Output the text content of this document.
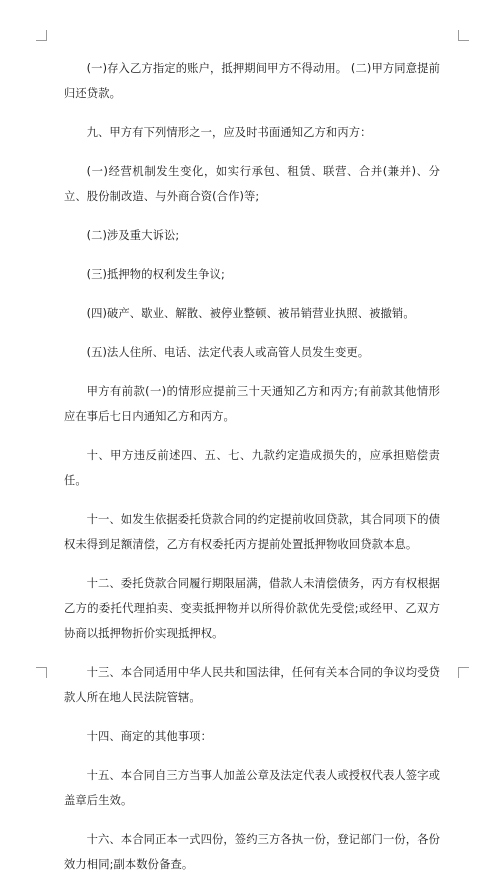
(一)存入乙方指定的账户，抵押期间甲方不得动用。 (二)甲方同意提前归还贷款。

九、甲方有下列情形之一，应及时书面通知乙方和丙方：

(一)经营机制发生变化，如实行承包、租赁、联营、合并(兼并)、分立、股份制改造、与外商合资(合作)等;

(二)涉及重大诉讼;

(三)抵押物的权利发生争议;

(四)破产、歇业、解散、被停业整顿、被吊销营业执照、被撤销。

(五)法人住所、电话、法定代表人或高管人员发生变更。

甲方有前款(一)的情形应提前三十天通知乙方和丙方;有前款其他情形应在事后七日内通知乙方和丙方。

十、甲方违反前述四、五、七、九款约定造成损失的，应承担赔偿责任。

十一、如发生依据委托贷款合同的约定提前收回贷款，其合同项下的债权未得到足额清偿，乙方有权委托丙方提前处置抵押物收回贷款本息。

十二、委托贷款合同履行期限届满，借款人未清偿债务，丙方有权根据乙方的委托代理拍卖、变卖抵押物并以所得价款优先受偿;或经甲、乙双方协商以抵押物折价实现抵押权。

十三、本合同适用中华人民共和国法律，任何有关本合同的争议均受贷款人所在地人民法院管辖。

十四、商定的其他事项：

十五、本合同自三方当事人加盖公章及法定代表人或授权代表人签字或盖章后生效。

十六、本合同正本一式四份，签约三方各执一份，登记部门一份，各份效力相同;副本数份备查。
